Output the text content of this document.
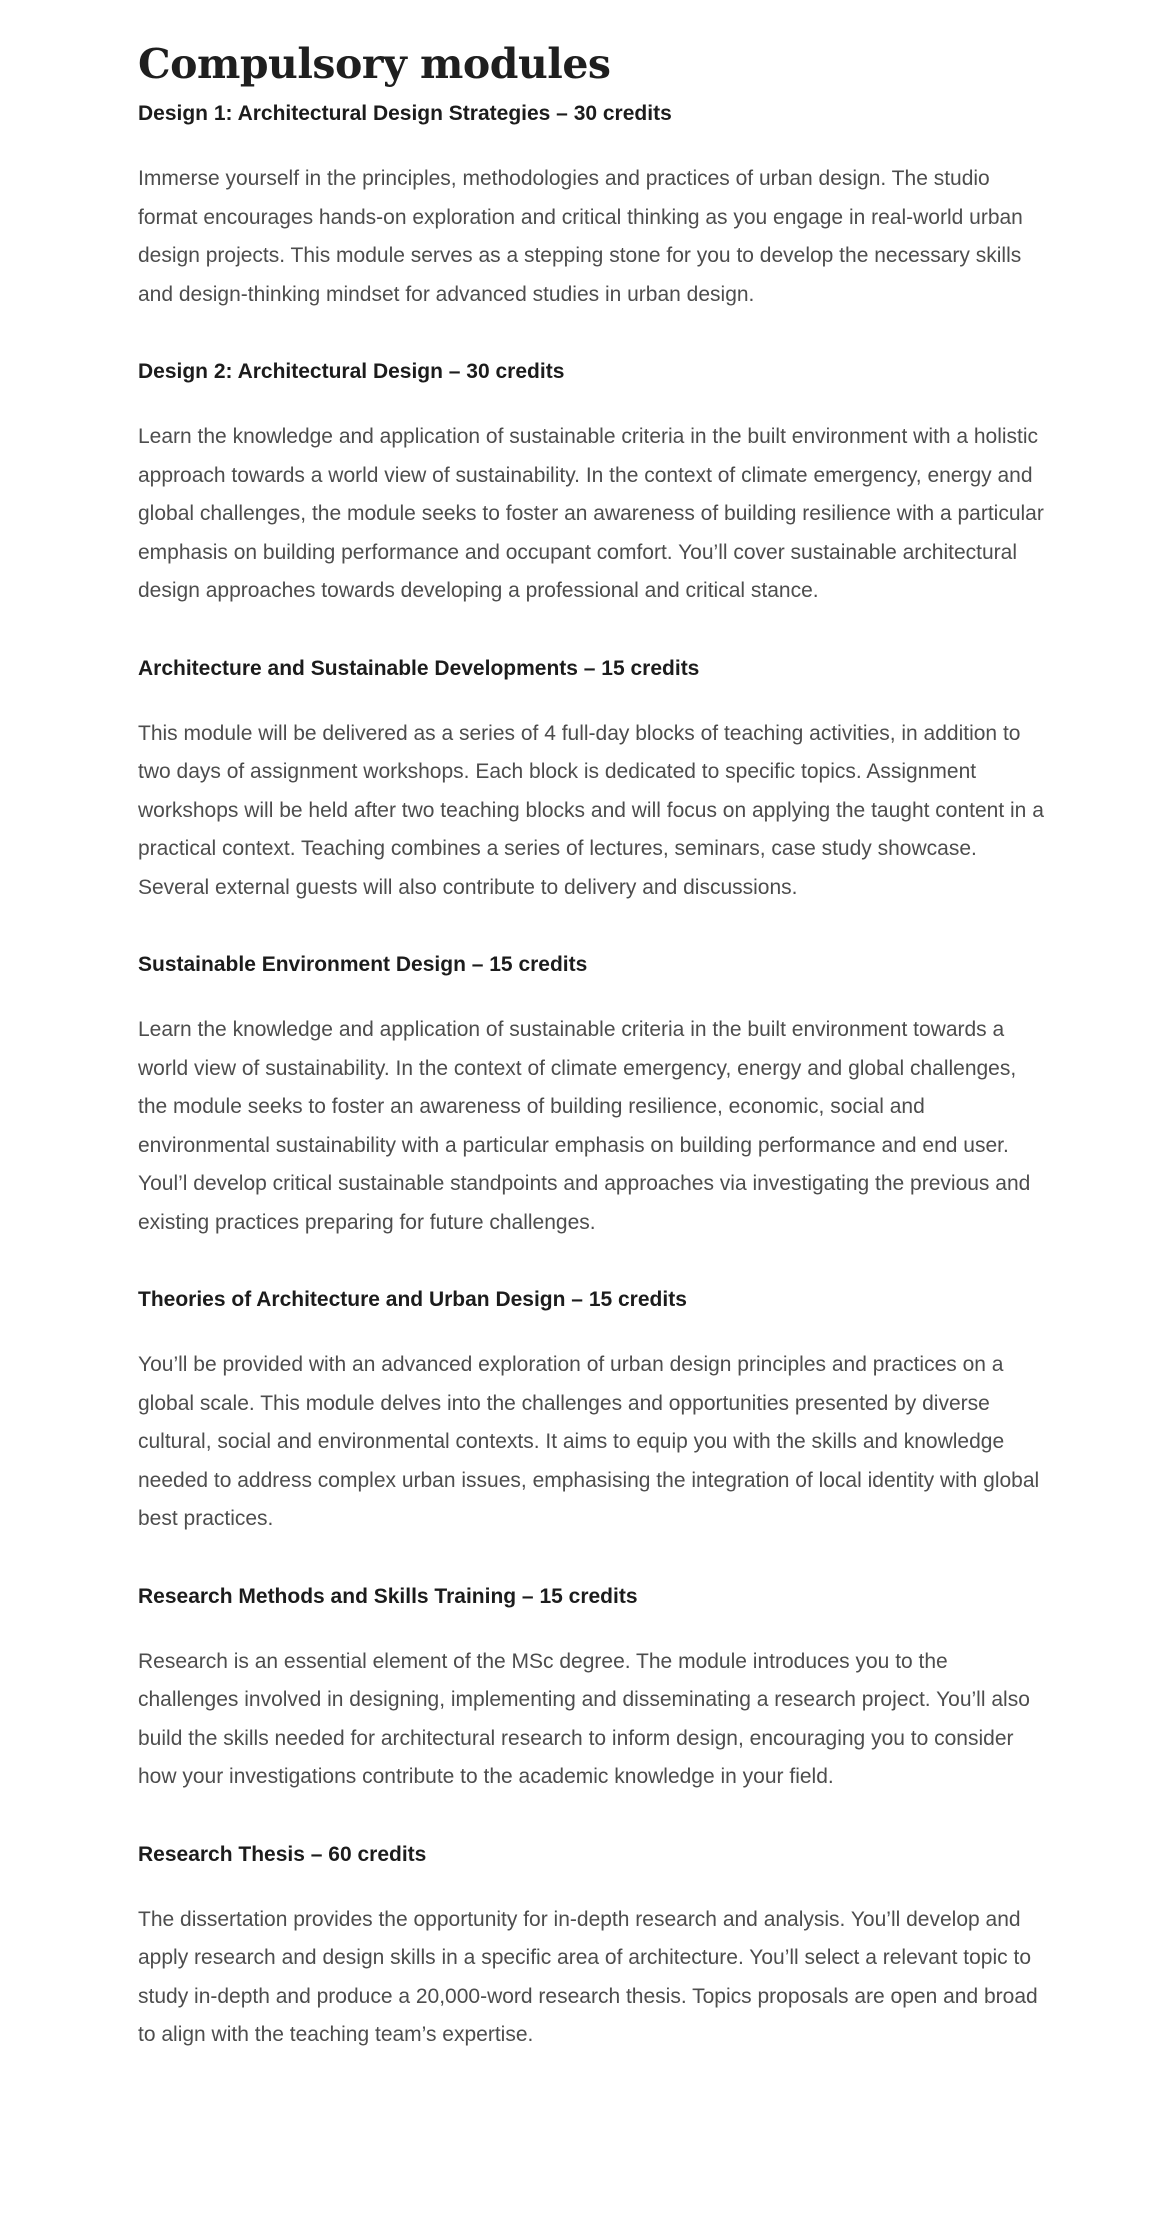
Compulsory modules
Design 1: Architectural Design Strategies – 30 credits

Immerse yourself in the principles, methodologies and practices of urban design. The studio format encourages hands-on exploration and critical thinking as you engage in real-world urban design projects. This module serves as a stepping stone for you to develop the necessary skills and design-thinking mindset for advanced studies in urban design.

Design 2: Architectural Design – 30 credits

Learn the knowledge and application of sustainable criteria in the built environment with a holistic approach towards a world view of sustainability. In the context of climate emergency, energy and global challenges, the module seeks to foster an awareness of building resilience with a particular emphasis on building performance and occupant comfort. You’ll cover sustainable architectural design approaches towards developing a professional and critical stance.

Architecture and Sustainable Developments – 15 credits

This module will be delivered as a series of 4 full-day blocks of teaching activities, in addition to two days of assignment workshops. Each block is dedicated to specific topics. Assignment workshops will be held after two teaching blocks and will focus on applying the taught content in a practical context. Teaching combines a series of lectures, seminars, case study showcase. Several external guests will also contribute to delivery and discussions.

Sustainable Environment Design – 15 credits

Learn the knowledge and application of sustainable criteria in the built environment towards a world view of sustainability. In the context of climate emergency, energy and global challenges, the module seeks to foster an awareness of building resilience, economic, social and environmental sustainability with a particular emphasis on building performance and end user. Youl’l develop critical sustainable standpoints and approaches via investigating the previous and existing practices preparing for future challenges.

Theories of Architecture and Urban Design – 15 credits

You’ll be provided with an advanced exploration of urban design principles and practices on a global scale. This module delves into the challenges and opportunities presented by diverse cultural, social and environmental contexts. It aims to equip you with the skills and knowledge needed to address complex urban issues, emphasising the integration of local identity with global best practices.

Research Methods and Skills Training – 15 credits

Research is an essential element of the MSc degree. The module introduces you to the challenges involved in designing, implementing and disseminating a research project. You’ll also build the skills needed for architectural research to inform design, encouraging you to consider how your investigations contribute to the academic knowledge in your field.

Research Thesis – 60 credits

The dissertation provides the opportunity for in-depth research and analysis. You’ll develop and apply research and design skills in a specific area of architecture. You’ll select a relevant topic to study in-depth and produce a 20,000-word research thesis. Topics proposals are open and broad to align with the teaching team’s expertise.
